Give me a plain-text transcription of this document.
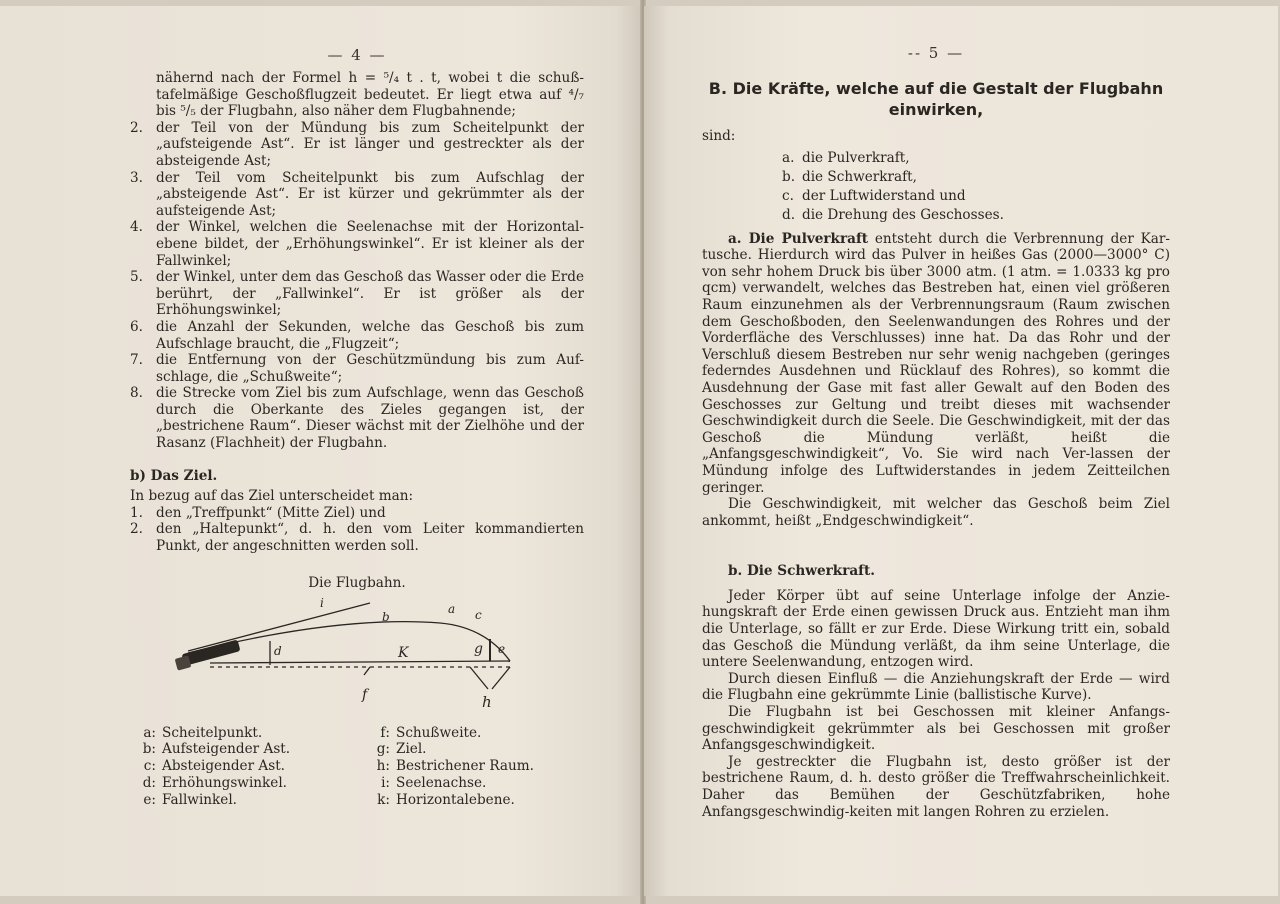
— 4 —

nähernd nach der Formel h = ⁵/₄ t . t, wobei t die schuß-tafelmäßige Geschoßflugzeit bedeutet. Er liegt etwa auf ⁴/₇ bis ⁵/₅ der Flugbahn, also näher dem Flugbahnende;

2. der Teil von der Mündung bis zum Scheitelpunkt der „aufsteigende Ast“. Er ist länger und gestreckter als der absteigende Ast;
3. der Teil vom Scheitelpunkt bis zum Aufschlag der „absteigende Ast“. Er ist kürzer und gekrümmter als der aufsteigende Ast;
4. der Winkel, welchen die Seelenachse mit der Horizontal-ebene bildet, der „Erhöhungswinkel“. Er ist kleiner als der Fallwinkel;
5. der Winkel, unter dem das Geschoß das Wasser oder die Erde berührt, der „Fallwinkel“. Er ist größer als der Erhöhungswinkel;
6. die Anzahl der Sekunden, welche das Geschoß bis zum Aufschlage braucht, die „Flugzeit“;
7. die Entfernung von der Geschützmündung bis zum Auf-schlage, die „Schußweite“;
8. die Strecke vom Ziel bis zum Aufschlage, wenn das Geschoß durch die Oberkante des Zieles gegangen ist, der „bestrichene Raum“. Dieser wächst mit der Zielhöhe und der Rasanz (Flachheit) der Flugbahn.

b) Das Ziel.

In bezug auf das Ziel unterscheidet man:

1. den „Treffpunkt“ (Mitte Ziel) und
2. den „Haltepunkt“, d. h. den vom Leiter kommandierten Punkt, der angeschnitten werden soll.
Die Flugbahn.
i
b
a c
d	K	g e
f	h
a: Scheitelpunkt.	f: Schußweite.
b: Aufsteigender Ast.	g: Ziel.
c: Absteigender Ast.	h: Bestrichener Raum.
d: Erhöhungswinkel.	i: Seelenachse.
e: Fallwinkel.	k: Horizontalebene.
-- 5 —
B. Die Kräfte, welche auf die Gestalt der Flugbahn
einwirken,

sind:

a. die Pulverkraft,
b. die Schwerkraft,
c. der Luftwiderstand und
d. die Drehung des Geschosses.

a. Die Pulverkraft entsteht durch die Verbrennung der Kar-tusche. Hierdurch wird das Pulver in heißes Gas (2000—3000° C) von sehr hohem Druck bis über 3000 atm. (1 atm. = 1.0333 kg pro qcm) verwandelt, welches das Bestreben hat, einen viel größeren Raum einzunehmen als der Verbrennungsraum (Raum zwischen dem Geschoßboden, den Seelenwandungen des Rohres und der Vorderfläche des Verschlusses) inne hat. Da das Rohr und der Verschluß diesem Bestreben nur sehr wenig nachgeben (geringes federndes Ausdehnen und Rücklauf des Rohres), so kommt die Ausdehnung der Gase mit fast aller Gewalt auf den Boden des Geschosses zur Geltung und treibt dieses mit wachsender Geschwindigkeit durch die Seele. Die Geschwindigkeit, mit der das Geschoß die Mündung verläßt, heißt die „Anfangsgeschwindigkeit“, Vo. Sie wird nach Ver-lassen der Mündung infolge des Luftwiderstandes in jedem Zeitteilchen geringer.

Die Geschwindigkeit, mit welcher das Geschoß beim Ziel ankommt, heißt „Endgeschwindigkeit“.

b. Die Schwerkraft.

Jeder Körper übt auf seine Unterlage infolge der Anzie-hungskraft der Erde einen gewissen Druck aus. Entzieht man ihm die Unterlage, so fällt er zur Erde. Diese Wirkung tritt ein, sobald das Geschoß die Mündung verläßt, da ihm seine Unterlage, die untere Seelenwandung, entzogen wird.

Durch diesen Einfluß — die Anziehungskraft der Erde — wird die Flugbahn eine gekrümmte Linie (ballistische Kurve).

Die Flugbahn ist bei Geschossen mit kleiner Anfangs-geschwindigkeit gekrümmter als bei Geschossen mit großer Anfangsgeschwindigkeit.

Je gestreckter die Flugbahn ist, desto größer ist der bestrichene Raum, d. h. desto größer die Treffwahrscheinlichkeit. Daher das Bemühen der Geschützfabriken, hohe Anfangsgeschwindig-keiten mit langen Rohren zu erzielen.
